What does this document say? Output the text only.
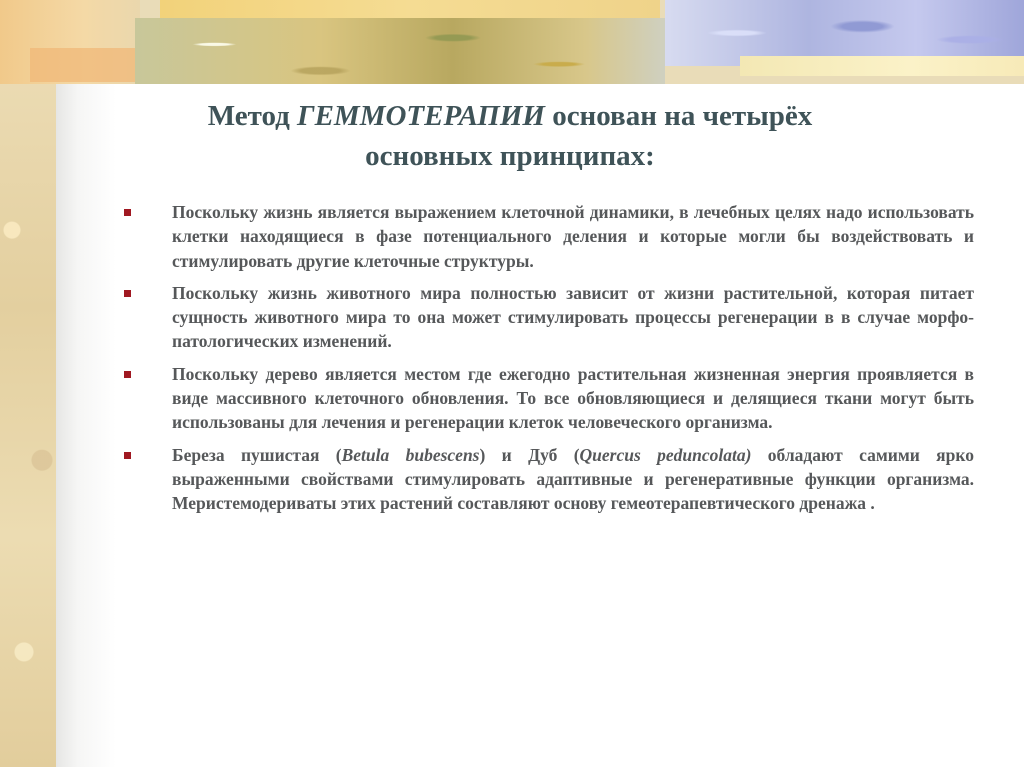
Метод ГЕММОТЕРАПИИ основан на четырёх
основных принципах:
Поскольку жизнь является выражением клеточной динамики, в лечебных целях надо использовать клетки находящиеся в фазе потенциального деления и которые могли бы воздействовать и стимулировать другие клеточные структуры.
Поскольку жизнь животного мира полностью зависит от жизни растительной, которая питает сущность животного мира то она может стимулировать процессы регенерации в в случае морфо-патологических изменений.
Поскольку дерево является местом где ежегодно растительная жизненная энергия проявляется в виде массивного клеточного обновления. То все обновляющиеся и делящиеся ткани могут быть использованы для лечения и регенерации клеток человеческого организма.
Береза пушистая (Betula bubescens) и Дуб (Quercus peduncolata) обладают самими ярко выраженными свойствами стимулировать адаптивные и регенеративные функции организма. Меристемодериваты этих растений составляют основу гемеотерапевтического дренажа .
